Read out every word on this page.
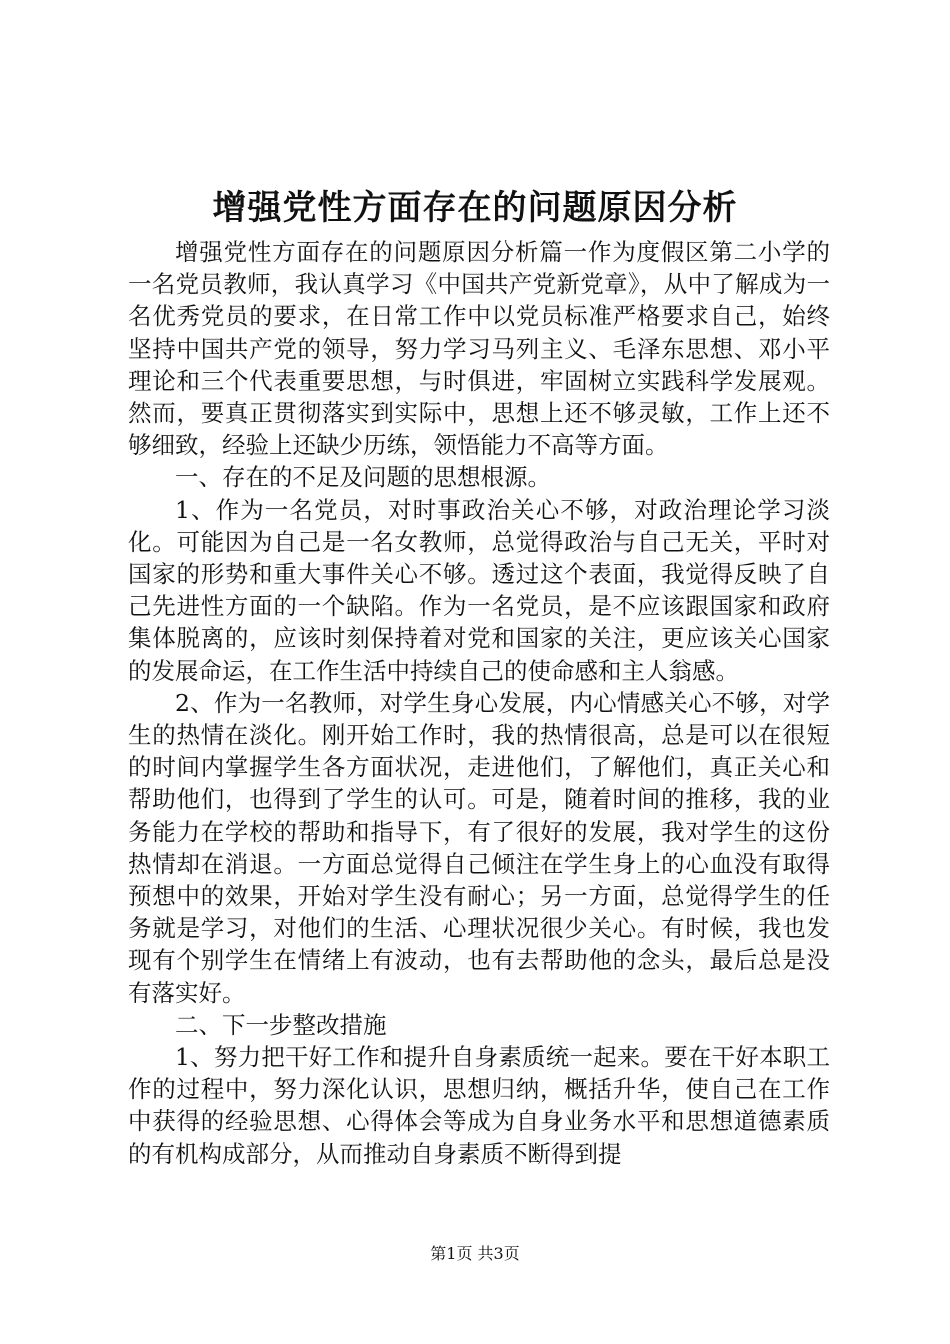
增强党性方面存在的问题原因分析

增强党性方面存在的问题原因分析篇一作为度假区第二小学的一名党员教师，我认真学习《中国共产党新党章》，从中了解成为一名优秀党员的要求，在日常工作中以党员标准严格要求自己，始终坚持中国共产党的领导，努力学习马列主义、毛泽东思想、邓小平理论和三个代表重要思想，与时俱进，牢固树立实践科学发展观。然而，要真正贯彻落实到实际中，思想上还不够灵敏，工作上还不够细致，经验上还缺少历练，领悟能力不高等方面。

一、存在的不足及问题的思想根源。

1、作为一名党员，对时事政治关心不够，对政治理论学习淡化。可能因为自己是一名女教师，总觉得政治与自己无关，平时对国家的形势和重大事件关心不够。透过这个表面，我觉得反映了自己先进性方面的一个缺陷。作为一名党员，是不应该跟国家和政府集体脱离的，应该时刻保持着对党和国家的关注，更应该关心国家的发展命运，在工作生活中持续自己的使命感和主人翁感。

2、作为一名教师，对学生身心发展，内心情感关心不够，对学生的热情在淡化。刚开始工作时，我的热情很高，总是可以在很短的时间内掌握学生各方面状况，走进他们，了解他们，真正关心和帮助他们，也得到了学生的认可。可是，随着时间的推移，我的业务能力在学校的帮助和指导下，有了很好的发展，我对学生的这份热情却在消退。一方面总觉得自己倾注在学生身上的心血没有取得预想中的效果，开始对学生没有耐心；另一方面，总觉得学生的任务就是学习，对他们的生活、心理状况很少关心。有时候，我也发现有个别学生在情绪上有波动，也有去帮助他的念头，最后总是没有落实好。

二、下一步整改措施

1、努力把干好工作和提升自身素质统一起来。要在干好本职工作的过程中，努力深化认识，思想归纳，概括升华，使自己在工作中获得的经验思想、心得体会等成为自身业务水平和思想道德素质的有机构成部分，从而推动自身素质不断得到提

第1页 共3页
